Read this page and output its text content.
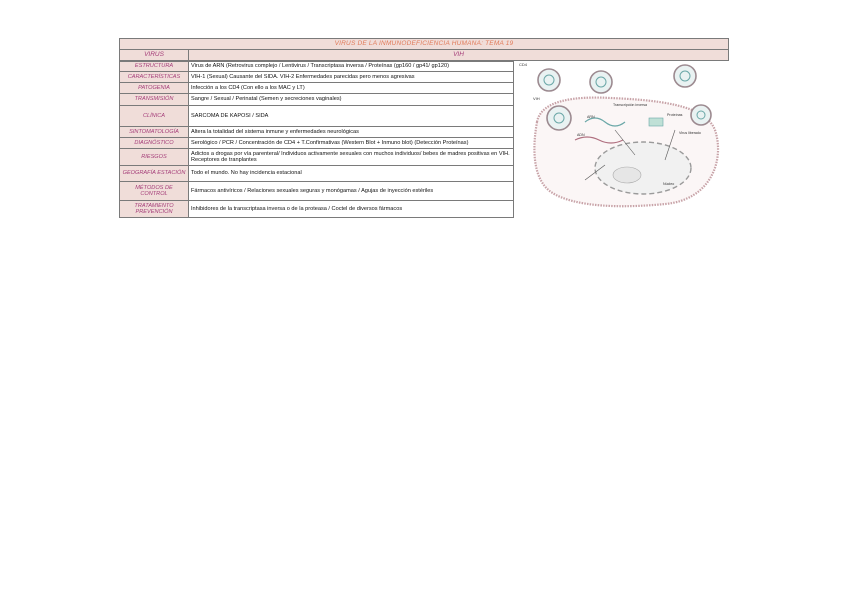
VIRUS DE LA INMUNODEFICIENCIA HUMANA: TEMA 19
VIRUS	VIH
ESTRUCTURA	Virus de ARN (Retrovirus complejo / Lentivirus / Transcriptasa inversa / Proteínas (gp160 / gp41/ gp120)
CARACTERÍSTICAS	VIH-1 (Sexual) Causante del SIDA. VIH-2 Enfermedades parecidas pero menos agresivas
PATOGENIA	Infección a los CD4 (Con ello a los MAC y LT)
TRANSMISIÓN	Sangre / Sexual / Perinatal (Semen y secreciones vaginales)
CLÍNICA	SARCOMA DE KAPOSI / SIDA
SINTOMATOLOGÍA	Altera la totalidad del sistema inmune y enfermedades neurológicas
DIAGNÓSTICO	Serológico / PCR / Concentración de CD4 + T.Confirmativas (Western Blot + Inmuno blot) (Detección Proteínas)
RIESGOS	Adictos a drogas por vía parenteral/ Individuos activamente sexuales con muchos individuos/ bebes de madres positivas en VIH. Receptores de tranplantes
GEOGRAFÍA ESTACIÓN	Todo el mundo. No hay incidencia estacional
MÉTODOS DE CONTROL	Fármacos antivíricos / Relaciones sexuales seguras y monógamas / Agujas de inyección estériles
TRATAMIENTO PREVENCIÓN	Inhibidores de la transcriptasa inversa o de la proteasa / Coctel de diversos fármacos
CD4
VIH
Transcripción inversa
ADN
ARN	Proteínas
Núcleo
Virus liberado
